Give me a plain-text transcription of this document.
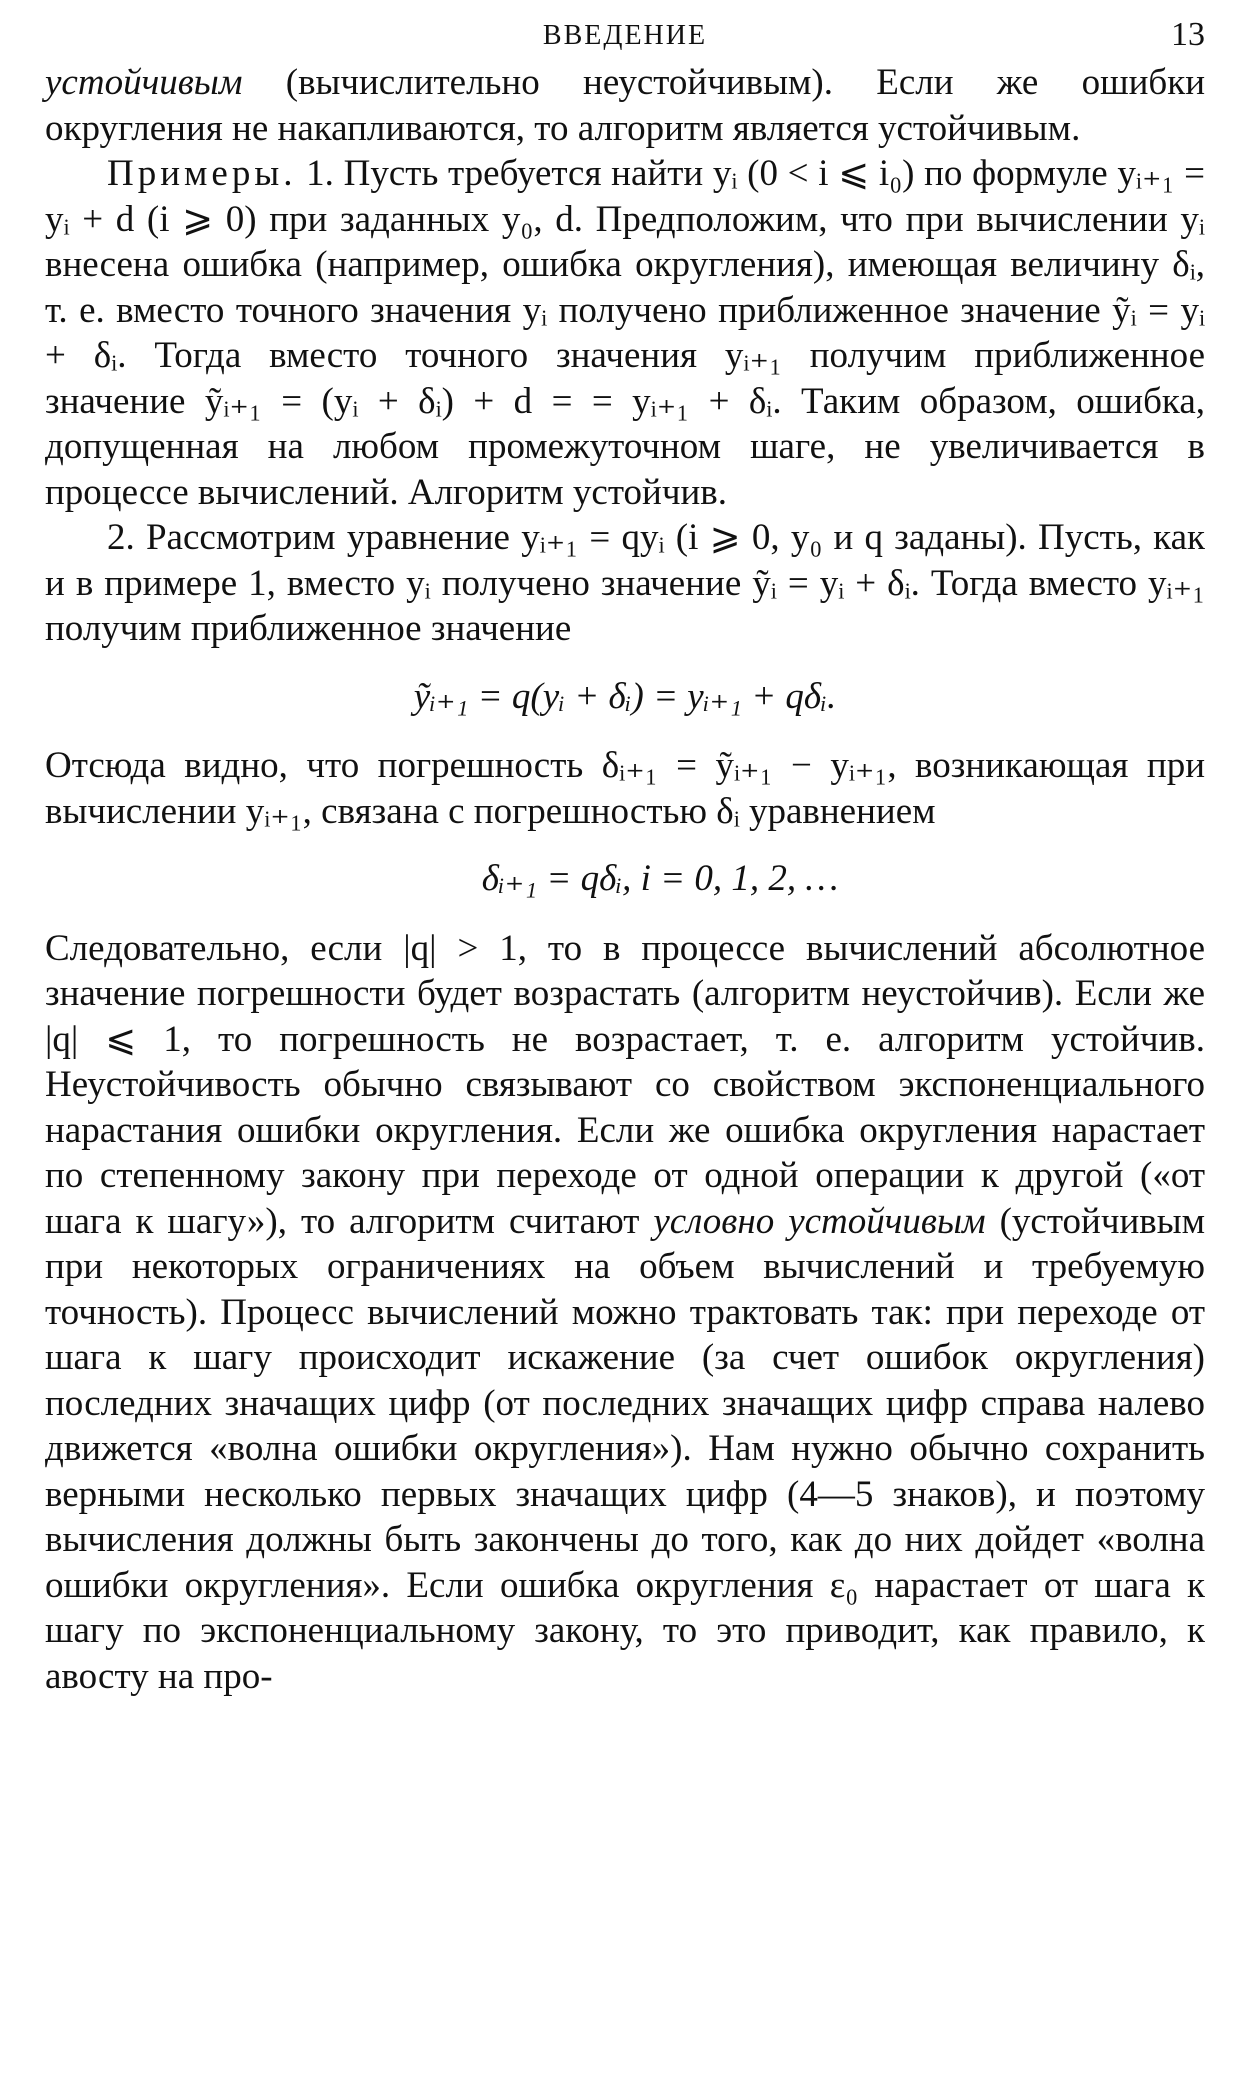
ВВЕДЕНИЕ	13

устойчивым (вычислительно неустойчивым). Если же ошибки округления не накапливаются, то алгоритм является устойчивым.

Примеры. 1. Пусть требуется найти yᵢ (0 < i ⩽ i₀) по формуле yᵢ₊₁ = yᵢ + d (i ⩾ 0) при заданных y₀, d. Предположим, что при вычислении yᵢ внесена ошибка (например, ошибка округления), имеющая величину δᵢ, т. е. вместо точного значения yᵢ получено приближенное значение ỹᵢ = yᵢ + δᵢ. Тогда вместо точного значения yᵢ₊₁ получим приближенное значение ỹᵢ₊₁ = (yᵢ + δᵢ) + d = = yᵢ₊₁ + δᵢ. Таким образом, ошибка, допущенная на любом промежуточном шаге, не увеличивается в процессе вычислений. Алгоритм устойчив.

2. Рассмотрим уравнение yᵢ₊₁ = qyᵢ (i ⩾ 0, y₀ и q заданы). Пусть, как и в примере 1, вместо yᵢ получено значение ỹᵢ = yᵢ + δᵢ. Тогда вместо yᵢ₊₁ получим приближенное значение

ỹᵢ₊₁ = q(yᵢ + δᵢ) = yᵢ₊₁ + qδᵢ.

Отсюда видно, что погрешность δᵢ₊₁ = ỹᵢ₊₁ − yᵢ₊₁, возникающая при вычислении yᵢ₊₁, связана с погрешностью δᵢ уравнением

δᵢ₊₁ = qδᵢ, i = 0, 1, 2, …

Следовательно, если |q| > 1, то в процессе вычислений абсолютное значение погрешности будет возрастать (алгоритм неустойчив). Если же |q| ⩽ 1, то погрешность не возрастает, т. е. алгоритм устойчив. Неустойчивость обычно связывают со свойством экспоненциального нарастания ошибки округления. Если же ошибка округления нарастает по степенному закону при переходе от одной операции к другой («от шага к шагу»), то алгоритм считают условно устойчивым (устойчивым при некоторых ограничениях на объем вычислений и требуемую точность). Процесс вычислений можно трактовать так: при переходе от шага к шагу происходит искажение (за счет ошибок округления) последних значащих цифр (от последних значащих цифр справа налево движется «волна ошибки округления»). Нам нужно обычно сохранить верными несколько первых значащих цифр (4—5 знаков), и поэтому вычисления должны быть закончены до того, как до них дойдет «волна ошибки округления». Если ошибка округления ε₀ нарастает от шага к шагу по экспоненциальному закону, то это приводит, как правило, к авосту на про-
